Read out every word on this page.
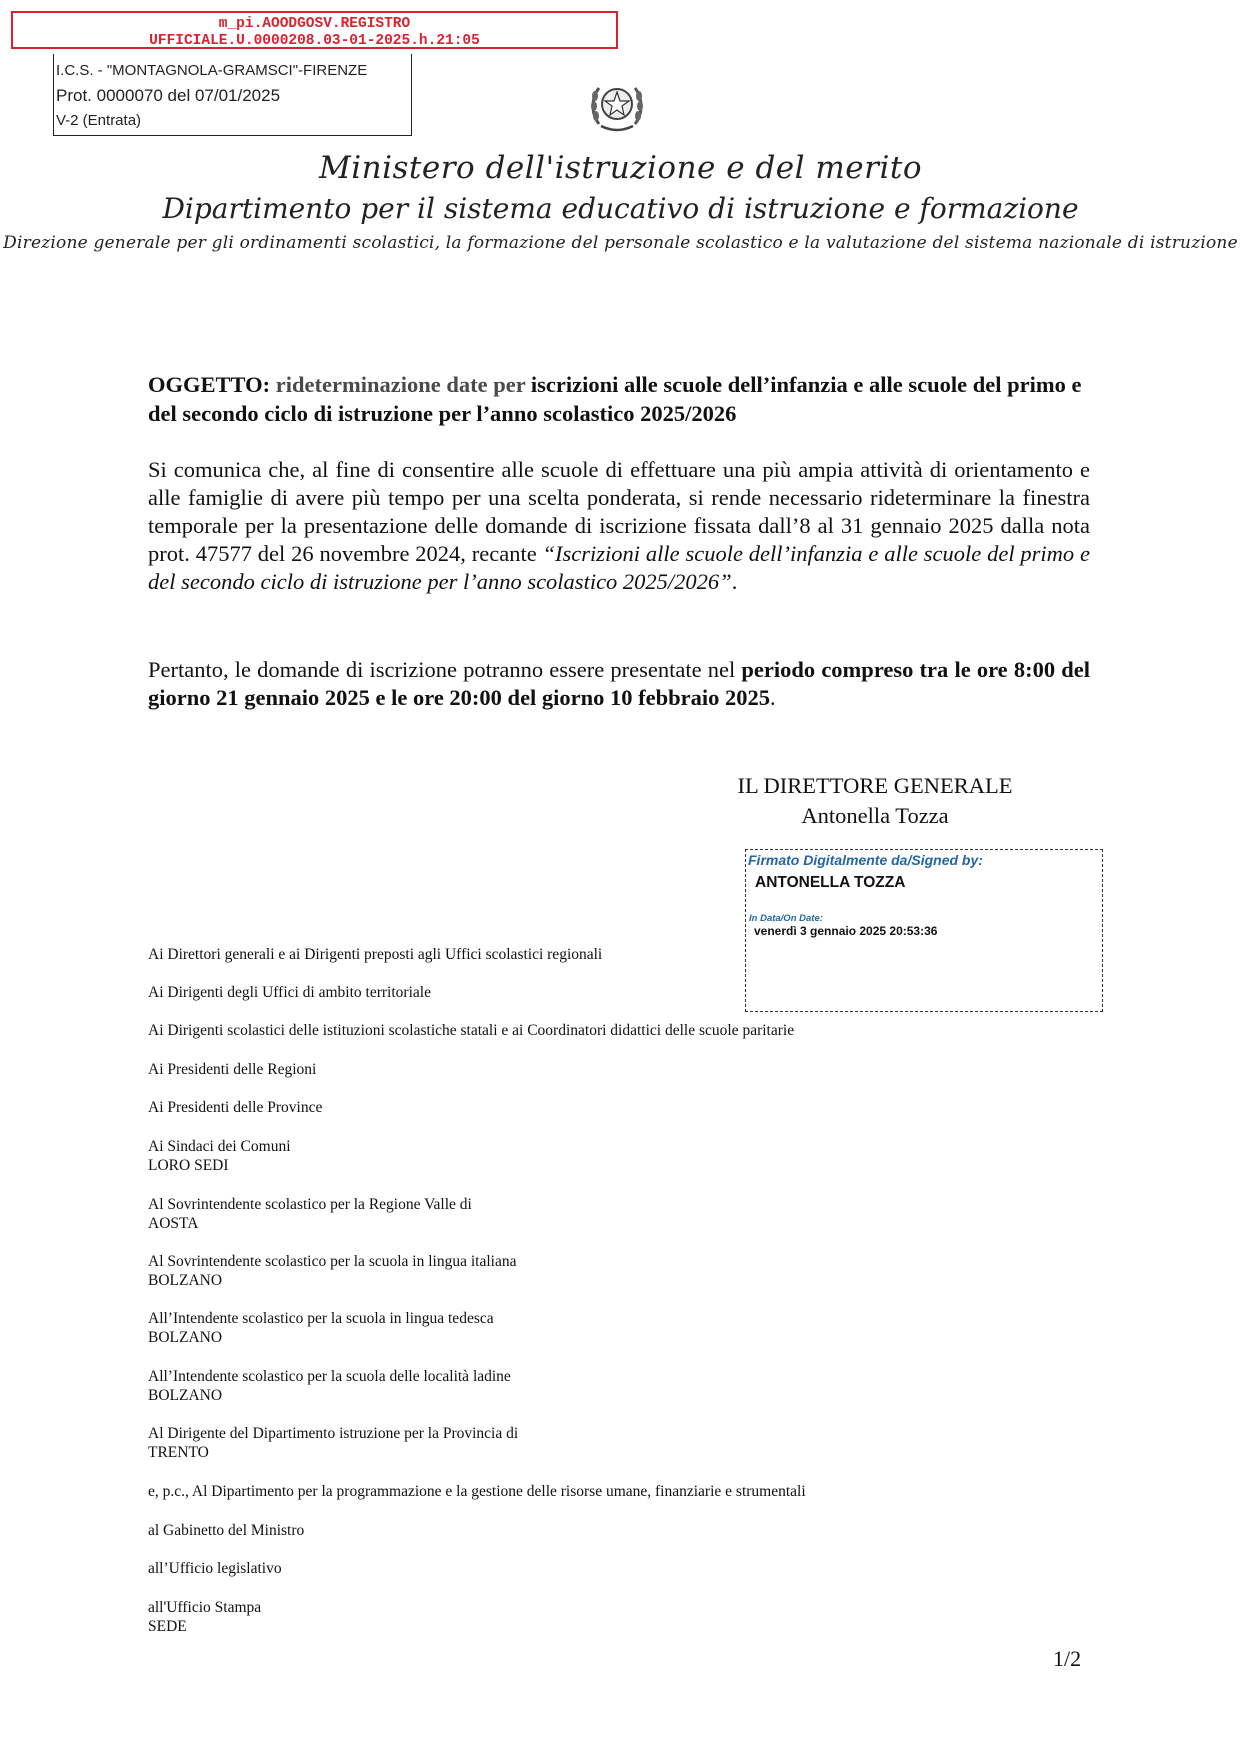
m_pi.AOODGOSV.REGISTRO
UFFICIALE.U.0000208.03-01-2025.h.21:05
I.C.S. - "MONTAGNOLA-GRAMSCI"-FIRENZE
Prot. 0000070 del 07/01/2025
V-2 (Entrata)
Ministero dell'istruzione e del merito
Dipartimento per il sistema educativo di istruzione e formazione
Direzione generale per gli ordinamenti scolastici, la formazione del personale scolastico e la valutazione del sistema nazionale di istruzione
OGGETTO: rideterminazione date per iscrizioni alle scuole dell’infanzia e alle scuole del primo e del secondo ciclo di istruzione per l’anno scolastico 2025/2026
Si comunica che, al fine di consentire alle scuole di effettuare una più ampia attività di orientamento e alle famiglie di avere più tempo per una scelta ponderata, si rende necessario rideterminare la finestra temporale per la presentazione delle domande di iscrizione fissata dall’8 al 31 gennaio 2025 dalla nota prot. 47577 del 26 novembre 2024, recante “Iscrizioni alle scuole dell’infanzia e alle scuole del primo e del secondo ciclo di istruzione per l’anno scolastico 2025/2026”.
Pertanto, le domande di iscrizione potranno essere presentate nel periodo compreso tra le ore 8:00 del giorno 21 gennaio 2025 e le ore 20:00 del giorno 10 febbraio 2025.
IL DIRETTORE GENERALE
Antonella Tozza
Firmato Digitalmente da/Signed by:
ANTONELLA TOZZA
In Data/On Date:
venerdì 3 gennaio 2025 20:53:36
Ai Direttori generali e ai Dirigenti preposti agli Uffici scolastici regionali
Ai Dirigenti degli Uffici di ambito territoriale
Ai Dirigenti scolastici delle istituzioni scolastiche statali e ai Coordinatori didattici delle scuole paritarie
Ai Presidenti delle Regioni
Ai Presidenti delle Province
Ai Sindaci dei Comuni
LORO SEDI
Al Sovrintendente scolastico per la Regione Valle di
AOSTA
Al Sovrintendente scolastico per la scuola in lingua italiana
BOLZANO
All’Intendente scolastico per la scuola in lingua tedesca
BOLZANO
All’Intendente scolastico per la scuola delle località ladine
BOLZANO
Al Dirigente del Dipartimento istruzione per la Provincia di
TRENTO
e, p.c., Al Dipartimento per la programmazione e la gestione delle risorse umane, finanziarie e strumentali
al Gabinetto del Ministro
all’Ufficio legislativo
all'Ufficio Stampa
SEDE
1/2
